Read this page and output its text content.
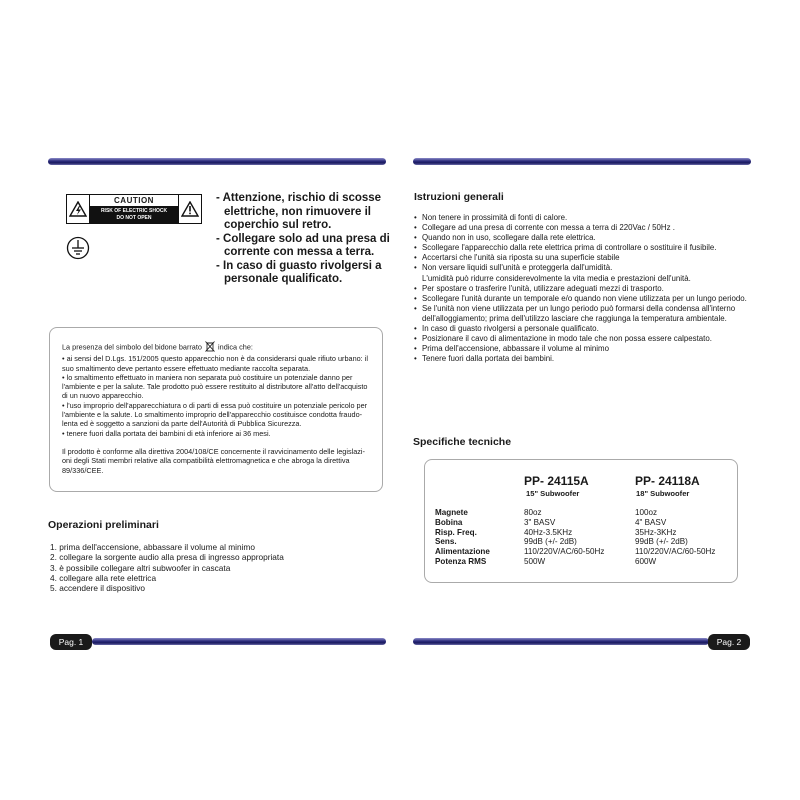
CAUTION
RISK OF ELECTRIC SHOCK
DO NOT OPEN
- Attenzione, rischio di scosse elettriche, non rimuovere il coperchio sul retro.
- Collegare solo ad una presa di corrente con messa a terra.
- In caso di guasto rivolgersi a personale qualificato.

La presenza del simbolo del bidone barrato indica che:

• ai sensi del D.Lgs. 151/2005 questo apparecchio non è da considerarsi quale rifiuto urbano: il

suo smaltimento deve pertanto essere effettuato mediante raccolta separata.

• lo smaltimento effettuato in maniera non separata può costituire un potenziale danno per

l'ambiente e per la salute. Tale prodotto può essere restituito al distributore all'atto dell'acquisto

di un nuovo apparecchio.

• l'uso improprio dell'apparecchiatura o di parti di essa può costituire un potenziale pericolo per

l'ambiente e la salute. Lo smaltimento improprio dell'apparecchio costituisce condotta fraudo-

lenta ed è soggetto a sanzioni da parte dell'Autorità di Pubblica Sicurezza.

• tenere fuori dalla portata dei bambini di età inferiore ai 36 mesi.

Il prodotto è conforme alla direttiva 2004/108/CE concernente il ravvicinamento delle legislazi-

oni degli Stati membri relative alla compatibilità elettromagnetica e che abroga la direttiva

89/336/CEE.

Operazioni preliminari
1. prima dell'accensione, abbassare il volume al minimo
2. collegare la sorgente audio alla presa di ingresso appropriata
3. è possibile collegare altri subwoofer in cascata
4. collegare alla rete elettrica
5. accendere il dispositivo
Pag. 1
Istruzioni generali
• Non tenere in prossimità di fonti di calore.
• Collegare ad una presa di corrente con messa a terra di 220Vac / 50Hz .
• Quando non in uso, scollegare dalla rete elettrica.
• Scollegare l'apparecchio dalla rete elettrica prima di controllare o sostituire il fusibile.
• Accertarsi che l'unità sia riposta su una superficie stabile
• Non versare liquidi sull'unità e proteggerla dall'umidità.
L'umidità può ridurre considerevolmente la vita media e prestazioni dell'unità.
• Per spostare o trasferire l'unità, utilizzare adeguati mezzi di trasporto.
• Scollegare l'unità durante un temporale e/o quando non viene utilizzata per un lungo periodo.
• Se l'unità non viene utilizzata per un lungo periodo può formarsi della condensa all'interno
dell'alloggiamento; prima dell'utilizzo lasciare che raggiunga la temperatura ambientale.
• In caso di guasto rivolgersi a personale qualificato.
• Posizionare il cavo di alimentazione in modo tale che non possa essere calpestato.
• Prima dell'accensione, abbassare il volume al minimo
• Tenere fuori dalla portata dei bambini.
Specifiche tecniche
PP- 24115A
15" Subwoofer
PP- 24118A
18" Subwoofer
Magnete
Bobina
Risp. Freq.
Sens.
Alimentazione
Potenza RMS
80oz
3" BASV
40Hz-3.5KHz
99dB (+/- 2dB)
110/220V/AC/60-50Hz
500W
100oz
4" BASV
35Hz-3KHz
99dB (+/- 2dB)
110/220V/AC/60-50Hz
600W
Pag. 2
